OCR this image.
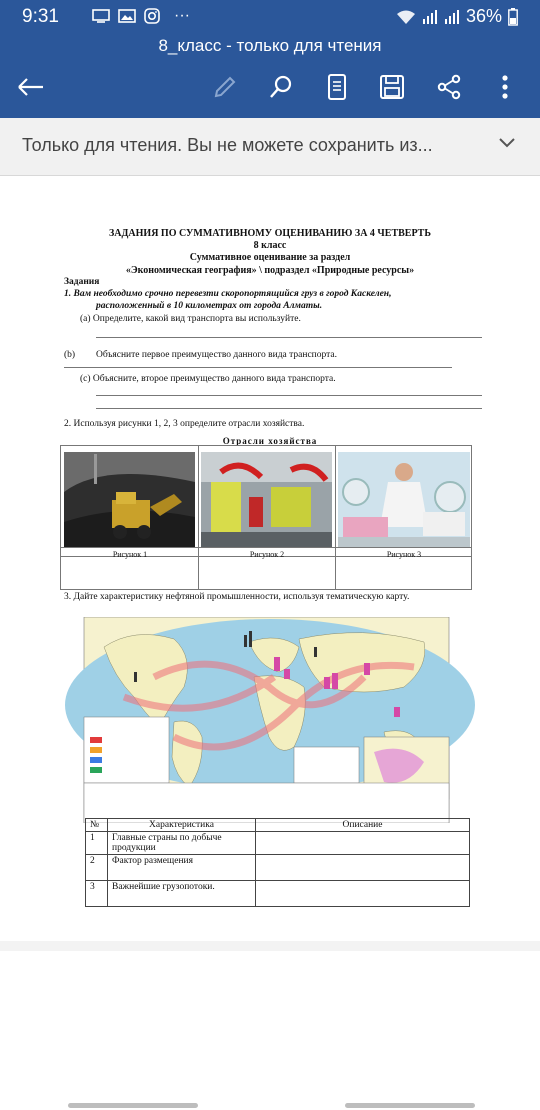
9:31	···	36%
8_класс - только для чтения
Только для чтения. Вы не можете сохранить из...
ЗАДАНИЯ ПО СУММАТИВНОМУ ОЦЕНИВАНИЮ ЗА 4 ЧЕТВЕРТЬ
8 класс
Суммативное оценивание за раздел
«Экономическая география» \ подраздел «Природные ресурсы»
Задания
1. Вам необходимо срочно перевезти скоропортящийся груз в город Каскелен,
расположенный в 10 километрах от города Алматы.
(a) Определите, какой вид транспорта вы используйте.
(b) Объясните первое преимущество данного вида транспорта.
(c) Объясните, второе преимущество данного вида транспорта.
2. Используя рисунки 1, 2, 3 определите отрасли хозяйства.
Отрасли хозяйства
Рисунок 1	Рисунок 2	Рисунок 3
3. Дайте характеристику нефтяной промышленности, используя тематическую карту.
№	Характеристика	Описание
1	Главные страны по добыче продукции	
2	Фактор размещения	
3	Важнейшие грузопотоки.	
